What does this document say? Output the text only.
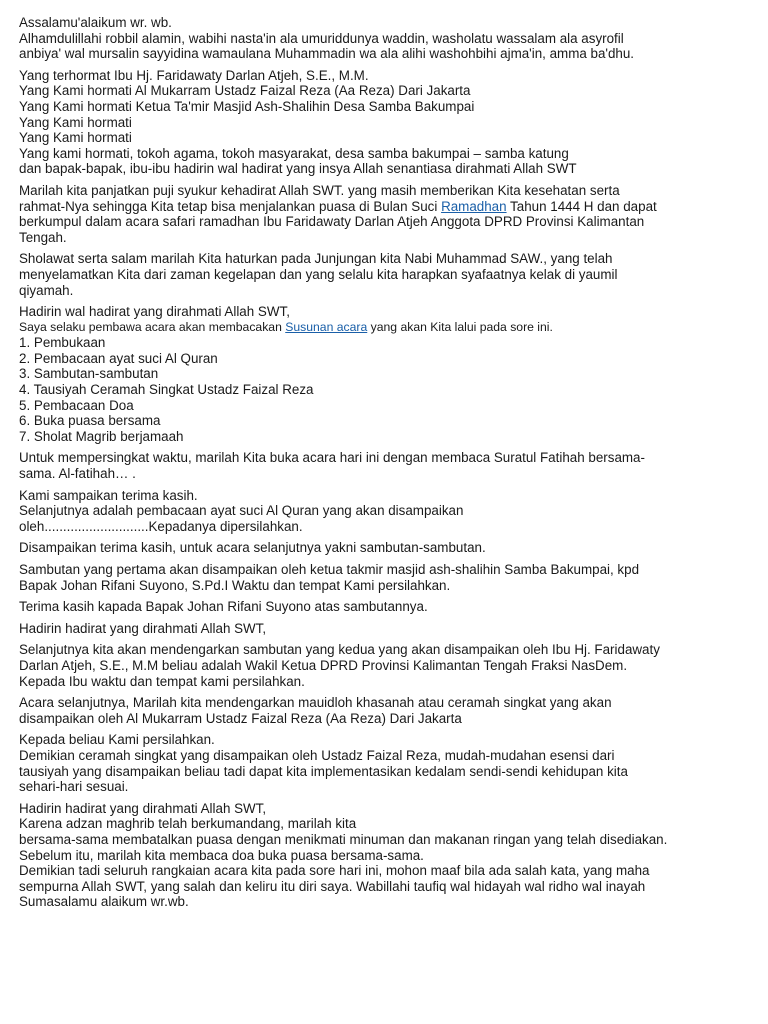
Assalamu'alaikum wr. wb.

Alhamdulillahi robbil alamin, wabihi nasta'in ala umuriddunya waddin, washolatu wassalam ala asyrofil

anbiya' wal mursalin sayyidina wamaulana Muhammadin wa ala alihi washohbihi ajma'in, amma ba'dhu.

Yang terhormat Ibu Hj. Faridawaty Darlan Atjeh, S.E., M.M.

Yang Kami hormati Al Mukarram Ustadz Faizal Reza (Aa Reza) Dari Jakarta

Yang Kami hormati Ketua Ta'mir Masjid Ash-Shalihin Desa Samba Bakumpai

Yang Kami hormati

Yang Kami hormati

Yang kami hormati, tokoh agama, tokoh masyarakat, desa samba bakumpai – samba katung

dan bapak-bapak, ibu-ibu hadirin wal hadirat yang insya Allah senantiasa dirahmati Allah SWT

Marilah kita panjatkan puji syukur kehadirat Allah SWT. yang masih memberikan Kita kesehatan serta

rahmat-Nya sehingga Kita tetap bisa menjalankan puasa di Bulan Suci Ramadhan Tahun 1444 H dan dapat

berkumpul dalam acara safari ramadhan Ibu Faridawaty Darlan Atjeh Anggota DPRD Provinsi Kalimantan

Tengah.

Sholawat serta salam marilah Kita haturkan pada Junjungan kita Nabi Muhammad SAW., yang telah

menyelamatkan Kita dari zaman kegelapan dan yang selalu kita harapkan syafaatnya kelak di yaumil

qiyamah.

Hadirin wal hadirat yang dirahmati Allah SWT,

Saya selaku pembawa acara akan membacakan Susunan acara yang akan Kita lalui pada sore ini.

1. Pembukaan

2. Pembacaan ayat suci Al Quran

3. Sambutan-sambutan

4. Tausiyah Ceramah Singkat Ustadz Faizal Reza

5. Pembacaan Doa

6. Buka puasa bersama

7. Sholat Magrib berjamaah

Untuk mempersingkat waktu, marilah Kita buka acara hari ini dengan membaca Suratul Fatihah bersama-

sama. Al-fatihah… .

Kami sampaikan terima kasih.

Selanjutnya adalah pembacaan ayat suci Al Quran yang akan disampaikan

oleh............................Kepadanya dipersilahkan.

Disampaikan terima kasih, untuk acara selanjutnya yakni sambutan-sambutan.

Sambutan yang pertama akan disampaikan oleh ketua takmir masjid ash-shalihin Samba Bakumpai, kpd

Bapak Johan Rifani Suyono, S.Pd.I Waktu dan tempat Kami persilahkan.

Terima kasih kapada Bapak Johan Rifani Suyono atas sambutannya.

Hadirin hadirat yang dirahmati Allah SWT,

Selanjutnya kita akan mendengarkan sambutan yang kedua yang akan disampaikan oleh Ibu Hj. Faridawaty

Darlan Atjeh, S.E., M.M beliau adalah Wakil Ketua DPRD Provinsi Kalimantan Tengah Fraksi NasDem.

Kepada Ibu waktu dan tempat kami persilahkan.

Acara selanjutnya, Marilah kita mendengarkan mauidloh khasanah atau ceramah singkat yang akan

disampaikan oleh Al Mukarram Ustadz Faizal Reza (Aa Reza) Dari Jakarta

Kepada beliau Kami persilahkan.

Demikian ceramah singkat yang disampaikan oleh Ustadz Faizal Reza, mudah-mudahan esensi dari

tausiyah yang disampaikan beliau tadi dapat kita implementasikan kedalam sendi-sendi kehidupan kita

sehari-hari sesuai.

Hadirin hadirat yang dirahmati Allah SWT,

Karena adzan maghrib telah berkumandang, marilah kita

bersama-sama membatalkan puasa dengan menikmati minuman dan makanan ringan yang telah disediakan.

Sebelum itu, marilah kita membaca doa buka puasa bersama-sama.

Demikian tadi seluruh rangkaian acara kita pada sore hari ini, mohon maaf bila ada salah kata, yang maha

sempurna Allah SWT, yang salah dan keliru itu diri saya. Wabillahi taufiq wal hidayah wal ridho wal inayah

Sumasalamu alaikum wr.wb.
